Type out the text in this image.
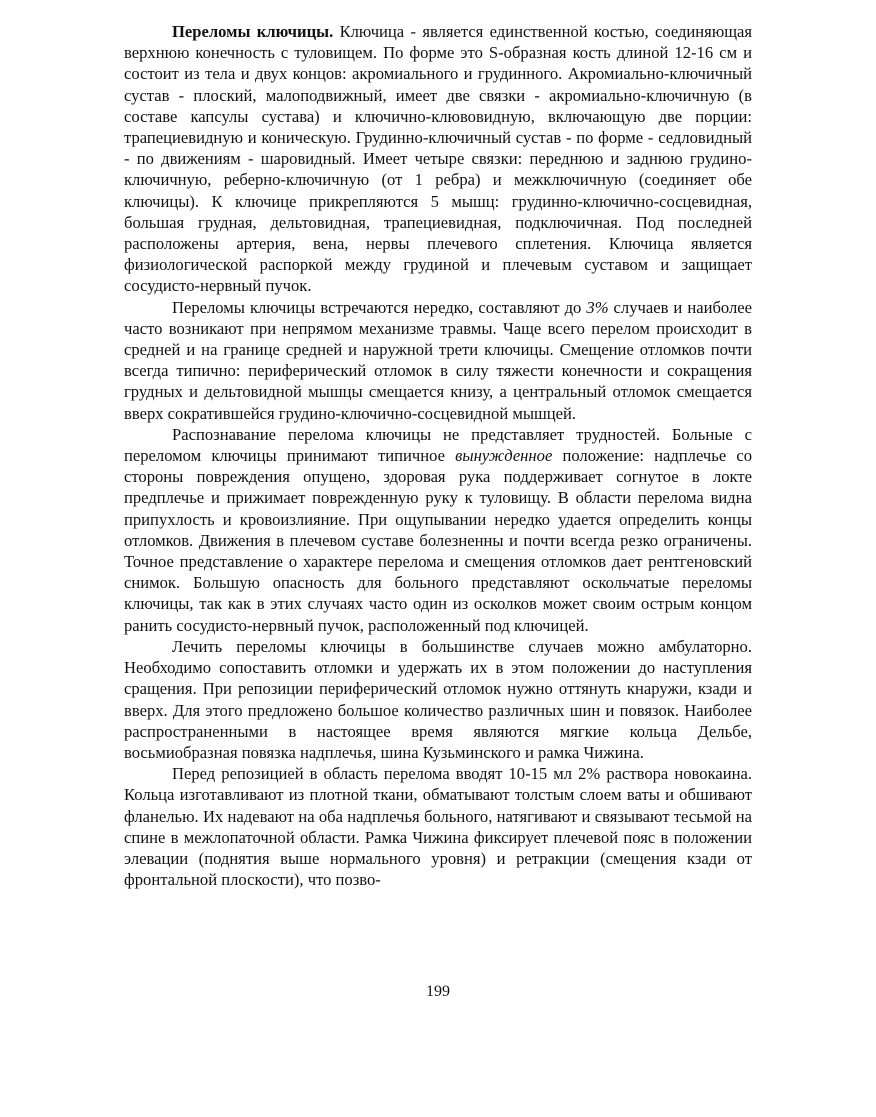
Переломы ключицы. Ключица - является единственной костью, соединяющая верхнюю конечность с туловищем. По форме это S-образная кость длиной 12-16 см и состоит из тела и двух концов: акромиального и грудинного. Акромиально-ключичный сустав - плоский, малоподвижный, имеет две связки - акромиально-ключичную (в составе капсулы сустава) и ключично-клювовидную, включающую две порции: трапециевидную и коническую. Грудинно-ключичный сустав - по форме - седловидный - по движениям - шаровидный. Имеет четыре связки: переднюю и заднюю грудино-ключичную, реберно-ключичную (от 1 ребра) и межключичную (соединяет обе ключицы). К ключице прикрепляются 5 мышц: грудинно-ключично-сосцевидная, большая грудная, дельтовидная, трапециевидная, подключичная. Под последней расположены артерия, вена, нервы плечевого сплетения. Ключица является физиологической распоркой между грудиной и плечевым суставом и защищает сосудисто-нервный пучок.

Переломы ключицы встречаются нередко, составляют до 3% случаев и наиболее часто возникают при непрямом механизме травмы. Чаще всего перелом происходит в средней и на границе средней и наружной трети ключицы. Смещение отломков почти всегда типично: периферический отломок в силу тяжести конечности и сокращения грудных и дельтовидной мышцы смещается книзу, а центральный отломок смещается вверх сократившейся грудино-ключично-сосцевидной мышцей.

Распознавание перелома ключицы не представляет трудностей. Больные с переломом ключицы принимают типичное вынужденное положение: надплечье со стороны повреждения опущено, здоровая рука поддерживает согнутое в локте предплечье и прижимает поврежденную руку к туловищу. В области перелома видна припухлость и кровоизлияние. При ощупывании нередко удается определить концы отломков. Движения в плечевом суставе болезненны и почти всегда резко ограничены. Точное представление о характере перелома и смещения отломков дает рентгеновский снимок. Большую опасность для больного представляют оскольчатые переломы ключицы, так как в этих случаях часто один из осколков может своим острым концом ранить сосудисто-нервный пучок, расположенный под ключицей.

Лечить переломы ключицы в большинстве случаев можно амбулаторно. Необходимо сопоставить отломки и удержать их в этом положении до наступления сращения. При репозиции периферический отломок нужно оттянуть кнаружи, кзади и вверх. Для этого предложено большое количество различных шин и повязок. Наиболее распространенными в настоящее время являются мягкие кольца Дельбе, восьмиобразная повязка надплечья, шина Кузьминского и рамка Чижина.

Перед репозицией в область перелома вводят 10-15 мл 2% раствора новокаина. Кольца изготавливают из плотной ткани, обматывают толстым слоем ваты и обшивают фланелью. Их надевают на оба надплечья больного, натягивают и связывают тесьмой на спине в межлопаточной области. Рамка Чижина фиксирует плечевой пояс в положении элевации (поднятия выше нормального уровня) и ретракции (смещения кзади от фронтальной плоскости), что позво-

199
